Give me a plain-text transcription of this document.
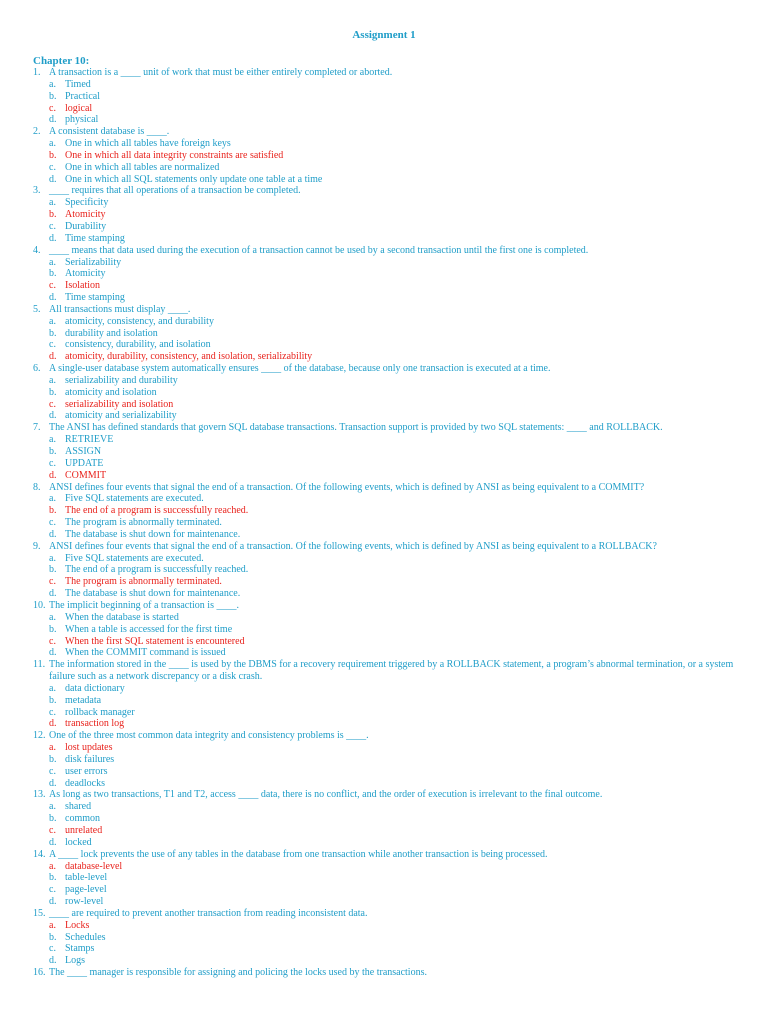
Assignment 1
Chapter 10:
1. A transaction is a ____ unit of work that must be either entirely completed or aborted.
a. Timed
b. Practical
c. logical
d. physical
2. A consistent database is ____.
a. One in which all tables have foreign keys
b. One in which all data integrity constraints are satisfied
c. One in which all tables are normalized
d. One in which all SQL statements only update one table at a time
3. ____ requires that all operations of a transaction be completed.
a. Specificity
b. Atomicity
c. Durability
d. Time stamping
4. ____ means that data used during the execution of a transaction cannot be used by a second transaction until the first one is completed.
a. Serializability
b. Atomicity
c. Isolation
d. Time stamping
5. All transactions must display ____.
a. atomicity, consistency, and durability
b. durability and isolation
c. consistency, durability, and isolation
d. atomicity, durability, consistency, and isolation, serializability
6. A single-user database system automatically ensures ____ of the database, because only one transaction is executed at a time.
a. serializability and durability
b. atomicity and isolation
c. serializability and isolation
d. atomicity and serializability
7. The ANSI has defined standards that govern SQL database transactions. Transaction support is provided by two SQL statements: ____ and ROLLBACK.
a. RETRIEVE
b. ASSIGN
c. UPDATE
d. COMMIT
8. ANSI defines four events that signal the end of a transaction. Of the following events, which is defined by ANSI as being equivalent to a COMMIT?
a. Five SQL statements are executed.
b. The end of a program is successfully reached.
c. The program is abnormally terminated.
d. The database is shut down for maintenance.
9. ANSI defines four events that signal the end of a transaction. Of the following events, which is defined by ANSI as being equivalent to a ROLLBACK?
a. Five SQL statements are executed.
b. The end of a program is successfully reached.
c. The program is abnormally terminated.
d. The database is shut down for maintenance.
10. The implicit beginning of a transaction is ____.
a. When the database is started
b. When a table is accessed for the first time
c. When the first SQL statement is encountered
d. When the COMMIT command is issued
11. The information stored in the ____ is used by the DBMS for a recovery requirement triggered by a ROLLBACK statement, a program’s abnormal termination, or a system failure such as a network discrepancy or a disk crash.
a. data dictionary
b. metadata
c. rollback manager
d. transaction log
12. One of the three most common data integrity and consistency problems is ____.
a. lost updates
b. disk failures
c. user errors
d. deadlocks
13. As long as two transactions, T1 and T2, access ____ data, there is no conflict, and the order of execution is irrelevant to the final outcome.
a. shared
b. common
c. unrelated
d. locked
14. A ____ lock prevents the use of any tables in the database from one transaction while another transaction is being processed.
a. database-level
b. table-level
c. page-level
d. row-level
15. ____ are required to prevent another transaction from reading inconsistent data.
a. Locks
b. Schedules
c. Stamps
d. Logs
16. The ____ manager is responsible for assigning and policing the locks used by the transactions.
